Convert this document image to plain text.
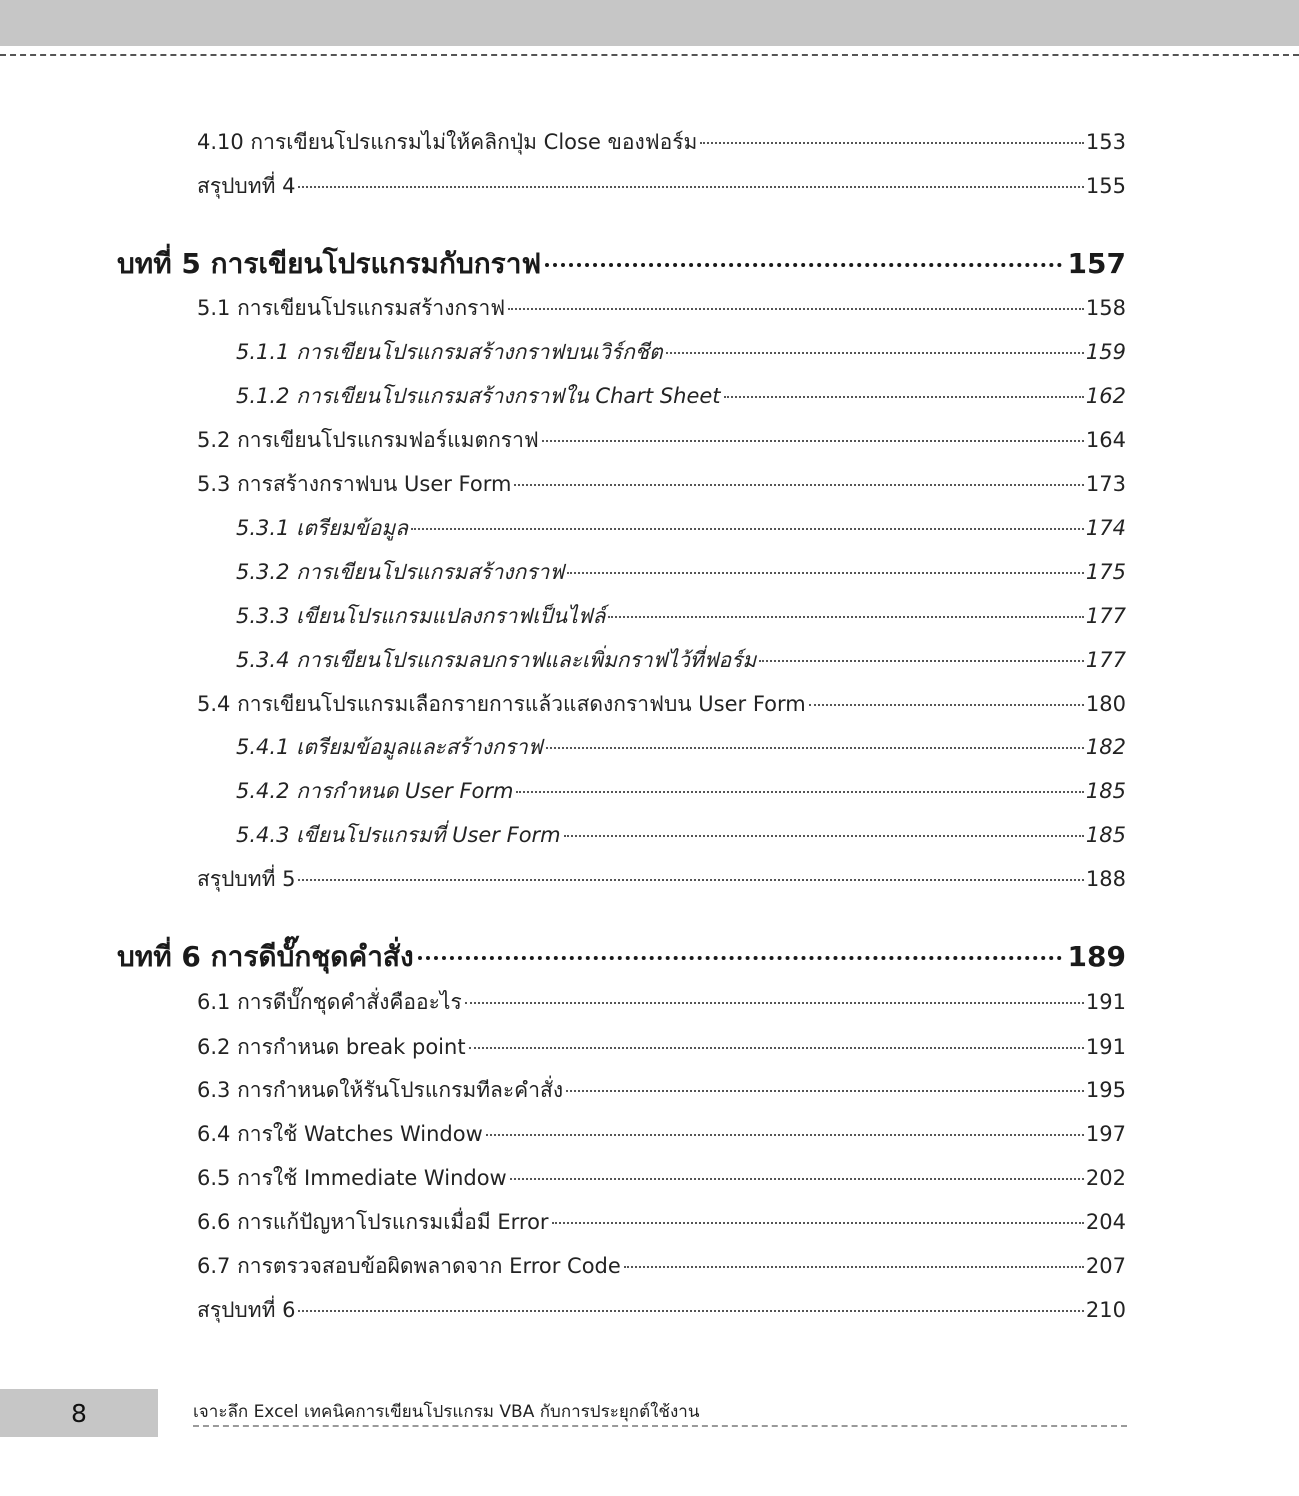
4.10 การเขียนโปรแกรมไม่ให้คลิกปุ่ม Close ของฟอร์ม	153
สรุปบทที่ 4	155
บทที่ 5 การเขียนโปรแกรมกับกราฟ	157
5.1 การเขียนโปรแกรมสร้างกราฟ	158
5.1.1 การเขียนโปรแกรมสร้างกราฟบนเวิร์กชีต	159
5.1.2 การเขียนโปรแกรมสร้างกราฟใน Chart Sheet	162
5.2 การเขียนโปรแกรมฟอร์แมตกราฟ	164
5.3 การสร้างกราฟบน User Form	173
5.3.1 เตรียมข้อมูล	174
5.3.2 การเขียนโปรแกรมสร้างกราฟ	175
5.3.3 เขียนโปรแกรมแปลงกราฟเป็นไฟล์	177
5.3.4 การเขียนโปรแกรมลบกราฟและเพิ่มกราฟไว้ที่ฟอร์ม	177
5.4 การเขียนโปรแกรมเลือกรายการแล้วแสดงกราฟบน User Form	180
5.4.1 เตรียมข้อมูลและสร้างกราฟ	182
5.4.2 การกำหนด User Form	185
5.4.3 เขียนโปรแกรมที่ User Form	185
สรุปบทที่ 5	188
บทที่ 6 การดีบั๊กชุดคำสั่ง	189
6.1 การดีบั๊กชุดคำสั่งคืออะไร	191
6.2 การกำหนด break point	191
6.3 การกำหนดให้รันโปรแกรมทีละคำสั่ง	195
6.4 การใช้ Watches Window	197
6.5 การใช้ Immediate Window	202
6.6 การแก้ปัญหาโปรแกรมเมื่อมี Error	204
6.7 การตรวจสอบข้อผิดพลาดจาก Error Code	207
สรุปบทที่ 6	210
8	เจาะลึก Excel เทคนิคการเขียนโปรแกรม VBA กับการประยุกต์ใช้งาน
